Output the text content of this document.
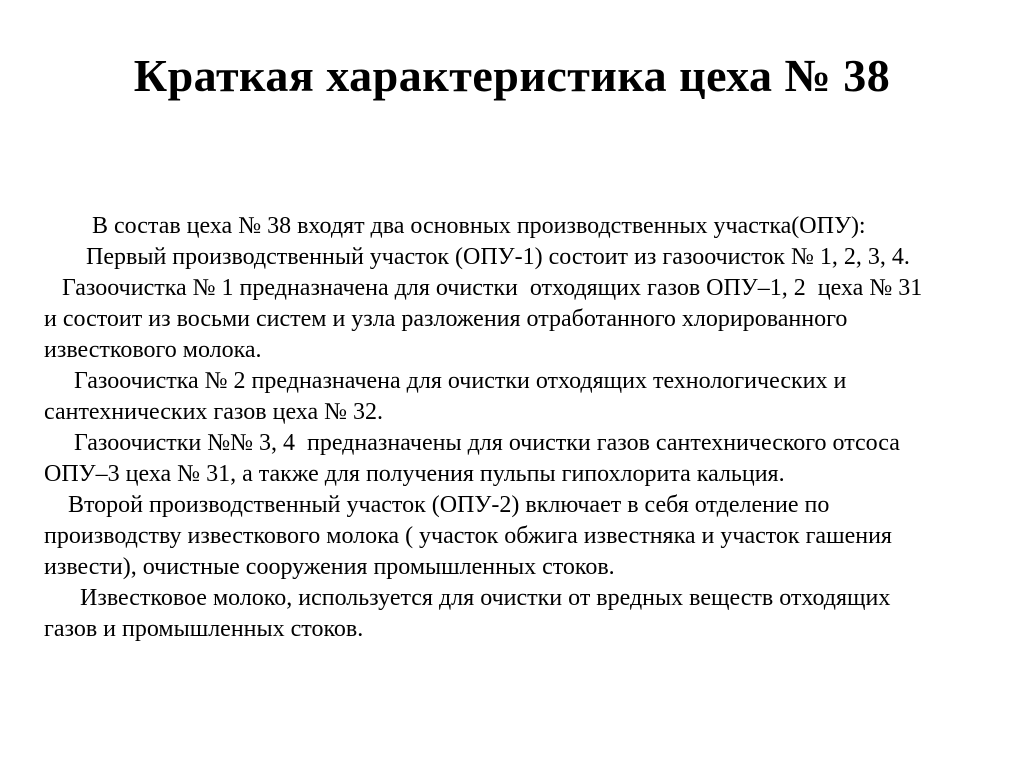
Краткая характеристика цеха № 38
В состав цеха № 38 входят два основных производственных участка(ОПУ):
Первый производственный участок (ОПУ-1) состоит из газоочисток № 1, 2, 3, 4.
Газоочистка № 1 предназначена для очистки  отходящих газов ОПУ–1, 2  цеха № 31
и состоит из восьми систем и узла разложения отработанного хлорированного
известкового молока.
Газоочистка № 2 предназначена для очистки отходящих технологических и
сантехнических газов цеха № 32.
Газоочистки №№ 3, 4  предназначены для очистки газов сантехнического отсоса
ОПУ–3 цеха № 31, а также для получения пульпы гипохлорита кальция.
Второй производственный участок (ОПУ-2) включает в себя отделение по
производству известкового молока ( участок обжига известняка и участок гашения
извести), очистные сооружения промышленных стоков.
Известковое молоко, используется для очистки от вредных веществ отходящих
газов и промышленных стоков.
